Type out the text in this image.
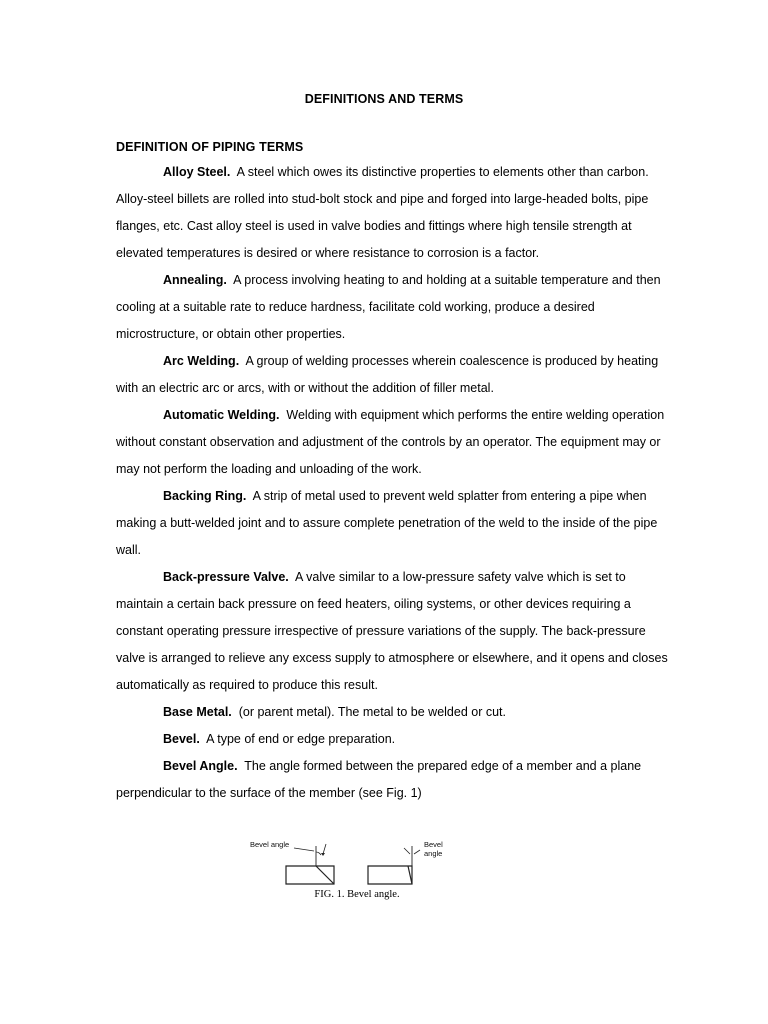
DEFINITIONS AND TERMS
DEFINITION OF PIPING TERMS

Alloy Steel. A steel which owes its distinctive properties to elements other than carbon. Alloy-steel billets are rolled into stud-bolt stock and pipe and forged into large-headed bolts, pipe flanges, etc. Cast alloy steel is used in valve bodies and fittings where high tensile strength at elevated temperatures is desired or where resistance to corrosion is a factor.

Annealing. A process involving heating to and holding at a suitable temperature and then cooling at a suitable rate to reduce hardness, facilitate cold working, produce a desired microstructure, or obtain other properties.

Arc Welding. A group of welding processes wherein coalescence is produced by heating with an electric arc or arcs, with or without the addition of filler metal.

Automatic Welding. Welding with equipment which performs the entire welding operation without constant observation and adjustment of the controls by an operator. The equipment may or may not perform the loading and unloading of the work.

Backing Ring. A strip of metal used to prevent weld splatter from entering a pipe when making a butt-welded joint and to assure complete penetration of the weld to the inside of the pipe wall.

Back-pressure Valve. A valve similar to a low-pressure safety valve which is set to maintain a certain back pressure on feed heaters, oiling systems, or other devices requiring a constant operating pressure irrespective of pressure variations of the supply. The back-pressure valve is arranged to relieve any excess supply to atmosphere or elsewhere, and it opens and closes automatically as required to produce this result.

Base Metal. (or parent metal). The metal to be welded or cut.

Bevel. A type of end or edge preparation.

Bevel Angle. The angle formed between the prepared edge of a member and a plane perpendicular to the surface of the member (see Fig. 1)

Bevel angle	Bevel
angle
FIG. 1. Bevel angle.
